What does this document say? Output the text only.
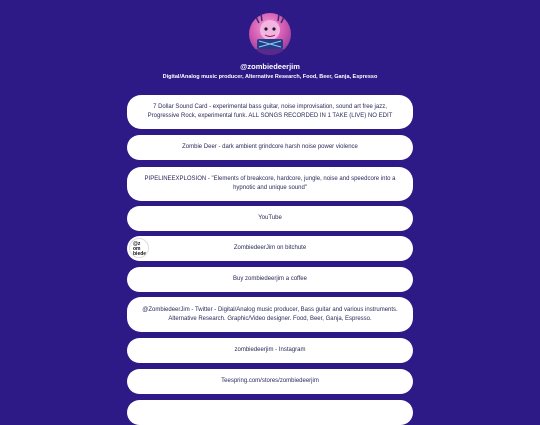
@zombiedeerjim
Digital/Analog music producer, Alternative Research, Food, Beer, Ganja, Espresso
7 Dollar Sound Card - experimental bass guitar, noise improvisation, sound art free jazz, Progressive Rock, experimental funk. ALL SONGS RECORDED IN 1 TAKE (LIVE) NO EDIT
Zombie Deer - dark ambient grindcore harsh noise power violence
PIPELINEEXPLOSION - "Elements of breakcore, hardcore, jungle, noise and speedcore into a hypnotic and unique sound"
YouTube
@z om biede
ZombiedeerJim on bitchute
Buy zombiedeerjim a coffee
@ZombiedeerJim - Twitter - Digital/Analog music producer, Bass guitar and various instruments. Alternative Research. Graphic/Video designer. Food, Beer, Ganja, Espresso.
zombiedeerjim - Instagram
Teespring.com/stores/zombiedeerjim
